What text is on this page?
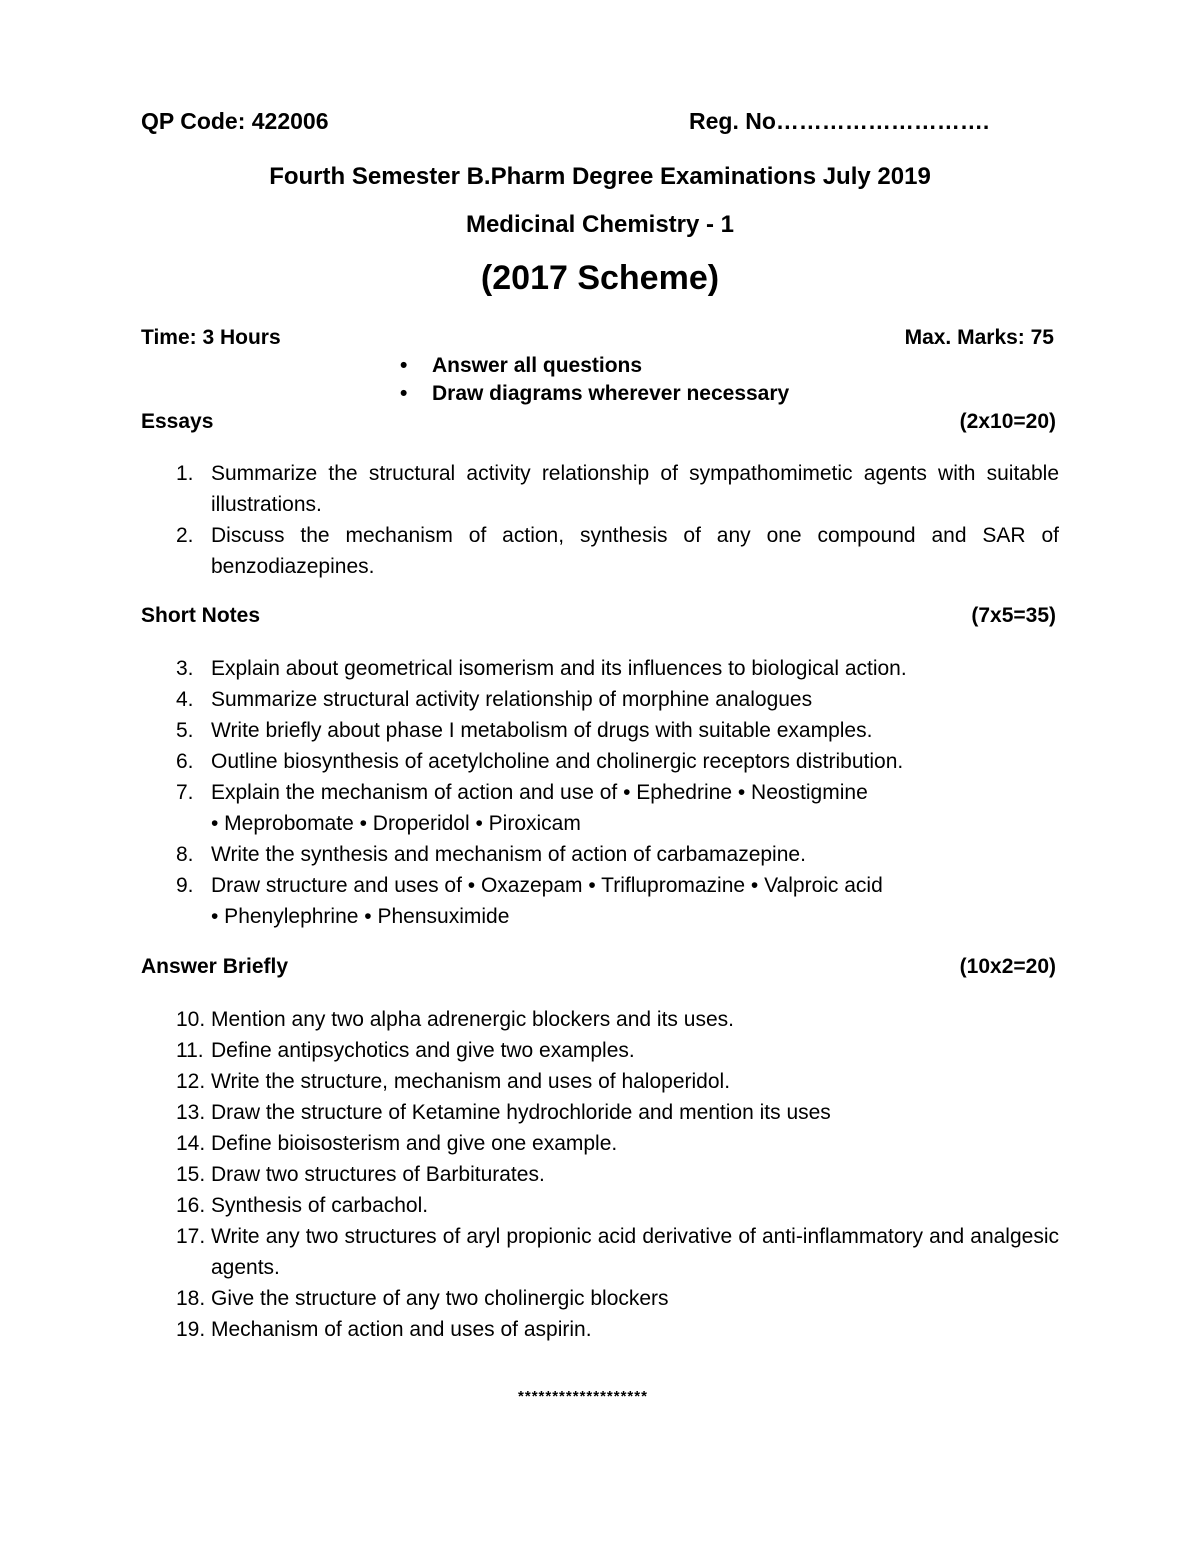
QP Code: 422006	Reg. No……………………….
Fourth Semester B.Pharm Degree Examinations July 2019
Medicinal Chemistry - 1
(2017 Scheme)
Time: 3 Hours	Max. Marks: 75
• Answer all questions
• Draw diagrams wherever necessary
Essays	(2x10=20)
1. Summarize the structural activity relationship of sympathomimetic agents with suitable illustrations.
2. Discuss the mechanism of action, synthesis of any one compound and SAR of benzodiazepines.
Short Notes	(7x5=35)
3. Explain about geometrical isomerism and its influences to biological action.
4. Summarize structural activity relationship of morphine analogues
5. Write briefly about phase I metabolism of drugs with suitable examples.
6. Outline biosynthesis of acetylcholine and cholinergic receptors distribution.
7. Explain the mechanism of action and use of • Ephedrine • Neostigmine
• Meprobomate • Droperidol • Piroxicam
8. Write the synthesis and mechanism of action of carbamazepine.
9. Draw structure and uses of • Oxazepam • Triflupromazine • Valproic acid
• Phenylephrine • Phensuximide
Answer Briefly	(10x2=20)
10. Mention any two alpha adrenergic blockers and its uses.
11. Define antipsychotics and give two examples.
12. Write the structure, mechanism and uses of haloperidol.
13. Draw the structure of Ketamine hydrochloride and mention its uses
14. Define bioisosterism and give one example.
15. Draw two structures of Barbiturates.
16. Synthesis of carbachol.
17. Write any two structures of aryl propionic acid derivative of anti-inflammatory and analgesic agents.
18. Give the structure of any two cholinergic blockers
19. Mechanism of action and uses of aspirin.
*******************
